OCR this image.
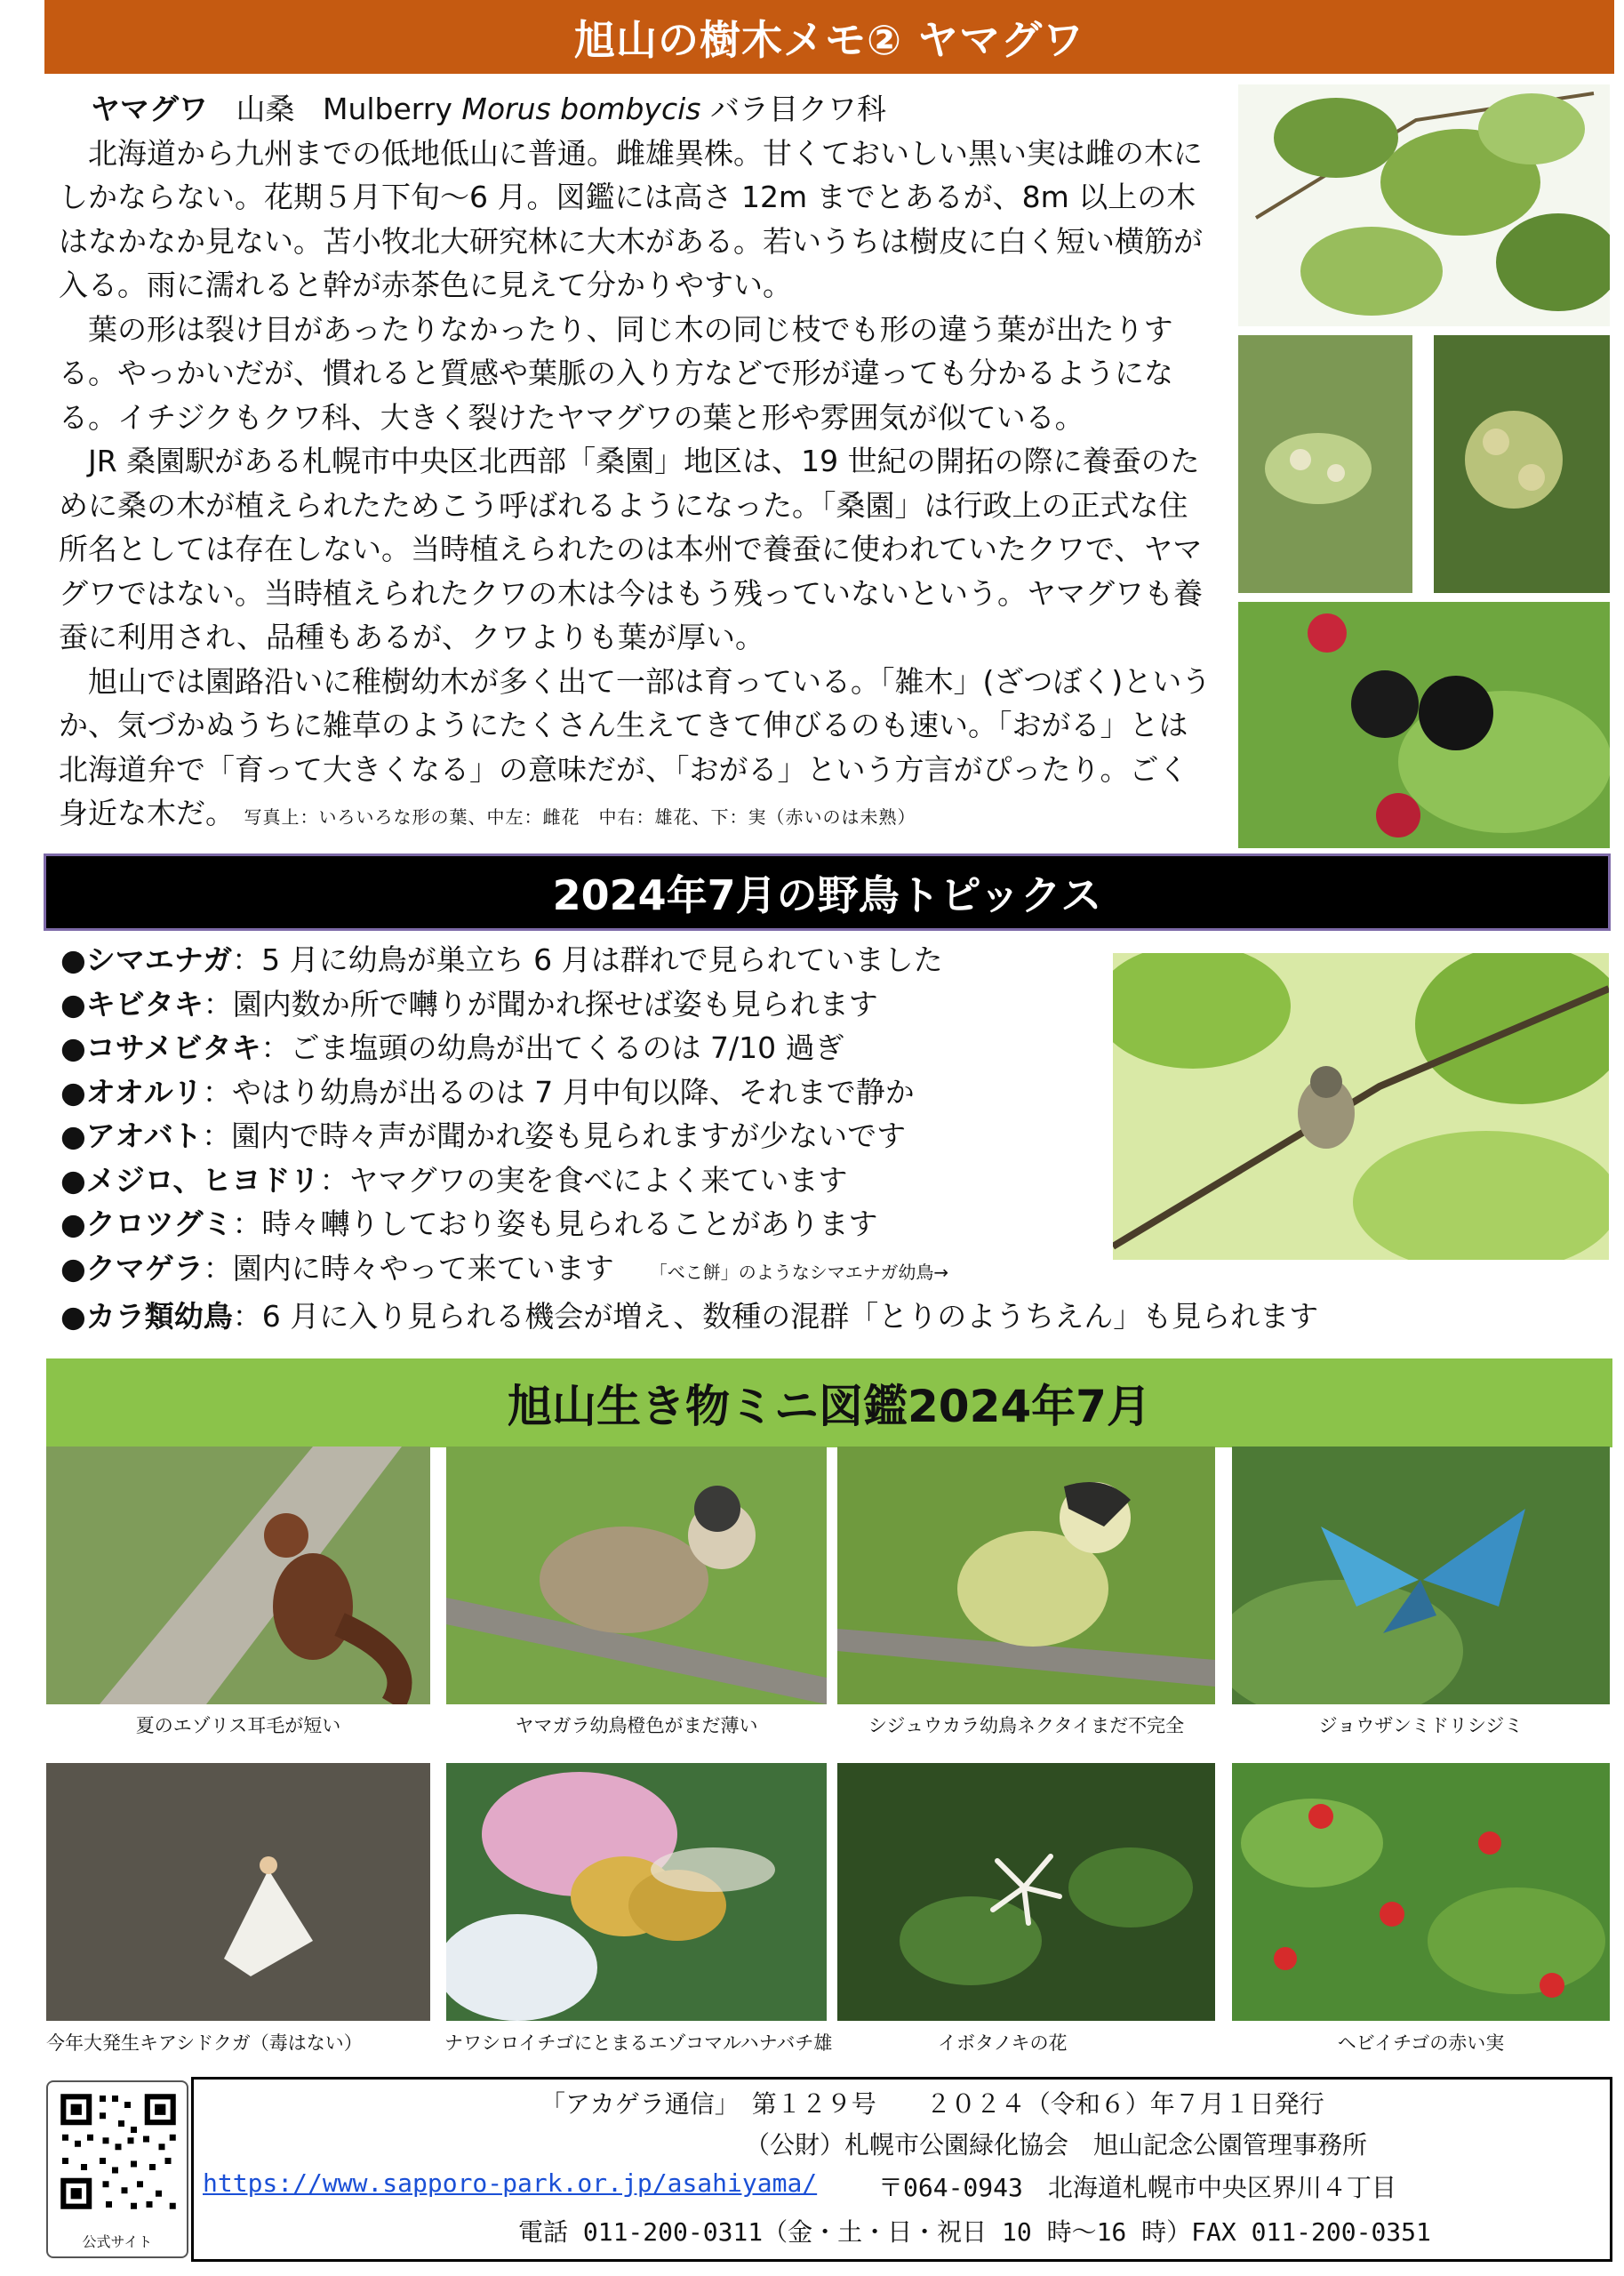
旭山の樹木メモ② ヤマグワ

ヤマグワ 山桑 Mulberry Morus bombycis バラ目クワ科

北海道から九州までの低地低山に普通。雌雄異株。甘くておいしい黒い実は雌の木にしかならない。花期５月下旬～6 月。図鑑には高さ 12m までとあるが、8m 以上の木はなかなか見ない。苫小牧北大研究林に大木がある。若いうちは樹皮に白く短い横筋が入る。雨に濡れると幹が赤茶色に見えて分かりやすい。

葉の形は裂け目があったりなかったり、同じ木の同じ枝でも形の違う葉が出たりする。やっかいだが、慣れると質感や葉脈の入り方などで形が違っても分かるようになる。イチジクもクワ科、大きく裂けたヤマグワの葉と形や雰囲気が似ている。

JR 桑園駅がある札幌市中央区北西部「桑園」地区は、19 世紀の開拓の際に養蚕のために桑の木が植えられたためこう呼ばれるようになった。「桑園」は行政上の正式な住所名としては存在しない。当時植えられたのは本州で養蚕に使われていたクワで、ヤマグワではない。当時植えられたクワの木は今はもう残っていないという。ヤマグワも養蚕に利用され、品種もあるが、クワよりも葉が厚い。

旭山では園路沿いに稚樹幼木が多く出て一部は育っている。「雑木」(ざつぼく)というか、気づかぬうちに雑草のようにたくさん生えてきて伸びるのも速い。「おがる」とは北海道弁で「育って大きくなる」の意味だが、「おがる」という方言がぴったり。ごく身近な木だ。 写真上：いろいろな形の葉、中左：雌花　中右：雄花、下：実（赤いのは未熟）

2024年7月の野鳥トピックス
●シマエナガ：5 月に幼鳥が巣立ち 6 月は群れで見られていました
●キビタキ：園内数か所で囀りが聞かれ探せば姿も見られます
●コサメビタキ：ごま塩頭の幼鳥が出てくるのは 7/10 過ぎ
●オオルリ：やはり幼鳥が出るのは 7 月中旬以降、それまで静か
●アオバト：園内で時々声が聞かれ姿も見られますが少ないです
●メジロ、ヒヨドリ：ヤマグワの実を食べによく来ています
●クロツグミ：時々囀りしており姿も見られることがあります
●クマゲラ：園内に時々やって来ています 「べこ餅」のようなシマエナガ幼鳥→
●カラ類幼鳥：6 月に入り見られる機会が増え、数種の混群「とりのようちえん」も見られます
旭山生き物ミニ図鑑2024年7月
夏のエゾリス耳毛が短い	ヤマガラ幼鳥橙色がまだ薄い	シジュウカラ幼鳥ネクタイまだ不完全	ジョウザンミドリシジミ
今年大発生キアシドクガ（毒はない）	ナワシロイチゴにとまるエゾコマルハナバチ雄	イボタノキの花	ヘビイチゴの赤い実
公式サイト
「アカゲラ通信」　第１２９号　　２０２４（令和６）年７月１日発行
（公財）札幌市公園緑化協会　旭山記念公園管理事務所
https://www.sapporo-park.or.jp/asahiyama/ 〒064-0943　北海道札幌市中央区界川４丁目
電話 011-200-0311（金・土・日・祝日 10 時～16 時）FAX 011-200-0351
